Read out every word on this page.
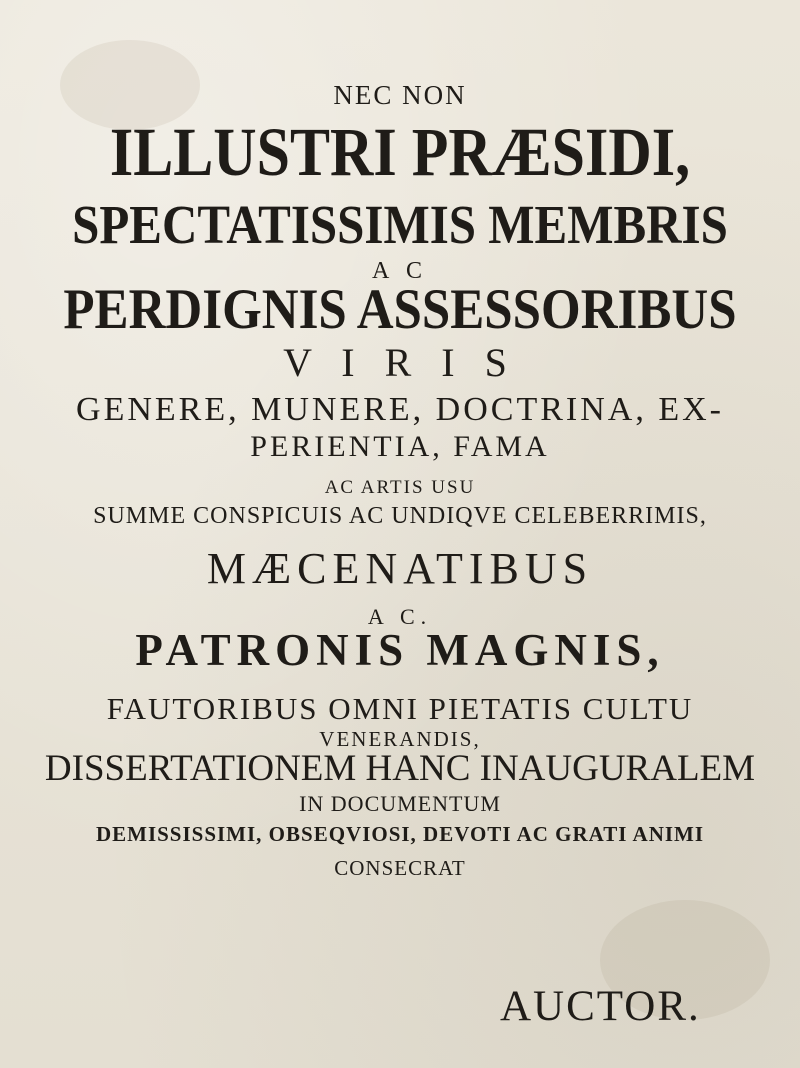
NEC NON
ILLUSTRI PRÆSIDI,
SPECTATISSIMIS MEMBRIS
A C
PERDIGNIS ASSESSORIBUS
V I R I S
GENERE, MUNERE, DOCTRINA, EX-
PERIENTIA, FAMA
AC ARTIS USU
SUMME CONSPICUIS AC UNDIQVE CELEBERRIMIS,
MÆCENATIBUS
A C.
PATRONIS MAGNIS,
FAUTORIBUS OMNI PIETATIS CULTU
VENERANDIS,
DISSERTATIONEM HANC INAUGURALEM
IN DOCUMENTUM
DEMISSISSIMI, OBSEQVIOSI, DEVOTI AC GRATI ANIMI
CONSECRAT
AUCTOR.
